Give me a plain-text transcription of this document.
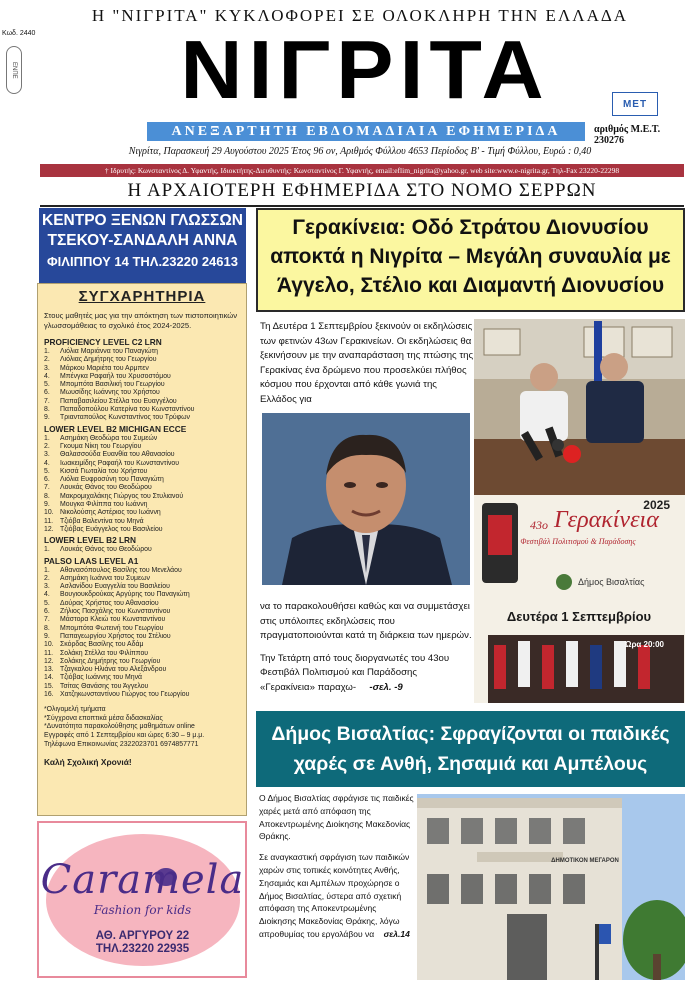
Η "ΝΙΓΡΙΤΑ" ΚΥΚΛΟΦΟΡΕΙ ΣΕ ΟΛΟΚΛΗΡΗ ΤΗΝ ΕΛΛΑΔΑ
Κωδ. 2440
ΕΝΠΕ	ΝΙΓΡΙΤΑ	ΜΕΤ
αριθμός Μ.Ε.Τ. 230276
ΑΝΕΞΑΡΤΗΤΗ ΕΒΔΟΜΑΔΙΑΙΑ ΕΦΗΜΕΡΙΔΑ
Νιγρίτα, Παρασκευή 29 Αυγούστου 2025 Έτος 96 ον, Αριθμός Φύλλου 4653 Περίοδος Β' - Τιμή Φύλλου, Ευρώ : 0,40
† Ιδρυτής: Κωνσταντίνος Δ. Υφαντής, Ιδιοκτήτης-Διευθυντής: Κωνσταντίνος Γ. Υφαντής, email:eflim_nigrita@yahoo.gr, web site:www.e-nigrita.gr, Τηλ-Fax 23220-22298
Η ΑΡΧΑΙΟΤΕΡΗ ΕΦΗΜΕΡΙΔΑ ΣΤΟ ΝΟΜΟ ΣΕΡΡΩΝ
ΚΕΝΤΡΟ ΞΕΝΩΝ ΓΛΩΣΣΩΝ
ΤΣΕΚΟΥ-ΣΑΝΔΑΛΗ ΑΝΝΑ
ΦΙΛΙΠΠΟΥ 14 ΤΗΛ.23220 24613
ΣΥΓΧΑΡΗΤΗΡΙΑ
Στους μαθητές μας για την απόκτηση των πιστοποιητικών γλωσσομάθειας το σχολικό έτος 2024-2025.
PROFICIENCY LEVEL C2 LRN
1. Λιόλια Μαριάννα του Παναγιώτη
2. Λιόλιας Δημήτρης του Γεωργίου
3. Μάρκου Μαριέτα του Αρμπεν
4. Μπένγκα Ραφαήλ του Χρυσοστόμου
5. Μπομπότα Βασιλική του Γεωργίου
6. Μωυσίδης Ιωάννης του Χρήστου
7. Παπαβασιλείου Στέλλα του Ευαγγέλου
8. Παπαδοπούλου Κατερίνα του Κωνσταντίνου
9. Τριανταπούλος Κωνσταντίνος του Τρύφων
LOWER LEVEL B2 MICHIGAN ECCE
1. Ασημάκη Θεοδώρα του Συμεών
2. Γκουμα Νίκη του Γεωργίου
3. Θαλασσούδα Ευανθία του Αθανασίου
4. Ιωακειμίδης Ραφαήλ του Κωνσταντίνου
5. Κισσά Γιωταλία του Χρήστου
6. Λιόλια Ευφροσύνη του Παναγιώτη
7. Λουκάς Θάνος του Θεοδώρου
8. Μακρομιχαλάκης Γιώργος του Στυλιανού
9. Μουγκα Φιλίππα του Ιωάννη
10. Νικολούσης Αστέριος του Ιωάννη
11. Τζιόβα Βαλεντίνα του Μηνά
12. Τζιόβας Ευάγγελος του Βασιλείου
LOWER LEVEL B2 LRN
1. Λουκάς Θάνος του Θεοδώρου
PALSO LAAS LEVEL A1
1. Αθανασόπουλος Βασίλης του Μενελάου
2. Ασημάκη Ιωάννα του Συμεων
3. Ασλανίδου Ευαγγελία του Βασιλείου
4. Βουγιουκδρούκας Αργύρης του Παναγιώτη
5. Δούρας Χρήστος του Αθανασίου
6. Ζήλιος Πασχάλης του Κωνσταντίνου
7. Μάστορα Κλειώ του Κωνσταντίνου
8. Μπομπότα Φωτεινή του Γεωργίου
9. Παπαγεωργίου Χρήστος του Στέλιου
10. Σκόρδας Βασίλης του Αδάμ
11. Σολάκη Στέλλα του Φιλίππου
12. Σολάκης Δημήτρης του Γεωργίου
13. Τζαγκαλου Ηλιάνα του Αλεξάνδρου
14. Τζιόβας Ιωάννης του Μηνά
15. Τσίτας Θανάσης του Άγγελου
16. Χατζηκωνσταντίνου Γιώργος του Γεωργίου
*Ολιγομελή τμήματα
*Σύγχρονα εποπτικά μέσα διδασκαλίας
*Δυνατότητα παρακολούθησης μαθημάτων online
Εγγραφές από 1 Σεπτεμβρίου και ώρες 6:30 – 9 μ.μ.
Τηλέφωνα Επικοινωνίας 2322023701 6974857771
Καλή Σχολική Χρονιά!
Caramela
Fashion for kids
ΑΘ. ΑΡΓΥΡΟΥ 22
ΤΗΛ.23220 22935
Γερακίνεια: Οδό Στράτου Διονυσίου αποκτά η Νιγρίτα – Μεγάλη συναυλία με Άγγελο, Στέλιο και Διαμαντή Διονυσίου
Τη Δευτέρα 1 Σεπτεμβρίου ξεκινούν οι εκδηλώσεις των φετινών 43ων Γερακινείων. Οι εκδηλώσεις θα ξεκινήσουν με την αναπαράσταση της πτώσης της Γερακίνας ένα δρώμενο που προσελκύει πλήθος κόσμου που έρχονται από κάθε γωνιά της Ελλάδος για
2025
43ο Γερακίνεια
Φεστιβάλ Πολιτισμού & Παράδοσης
Δήμος Βισαλτίας
Δευτέρα 1 Σεπτεμβρίου
Ώρα 20:00

να το παρακολουθήσει καθώς και να συμμετάσχει στις υπόλοιπες εκδηλώσεις που πραγματοποιούνται κατά τη διάρκεια των ημερών.

Την Τετάρτη από τους διοργανωτές του 43ου Φεστιβάλ Πολιτισμού και Παράδοσης «Γερακίνεια» παραχω- -σελ. -9

Δήμος Βισαλτίας: Σφραγίζονται οι παιδικές χαρές σε Ανθή, Σησαμιά και Αμπέλους

Ο Δήμος Βισαλτίας σφράγισε τις παιδικές χαρές μετά από απόφαση της Αποκεντρωμένης Διοίκησης Μακεδονίας Θράκης.

Σε αναγκαστική σφράγιση των παιδικών χαρών στις τοπικές κοινότητες Ανθής, Σησαμιάς και Αμπέλων προχώρησε ο Δήμος Βισαλτίας, ύστερα από σχετική απόφαση της Αποκεντρωμένης Διοίκησης Μακεδονίας Θράκης, λόγω απροθυμίας του εργολάβου να σελ.14

ΔΗΜΟΤΙΚΟΝ ΜΕΓΑΡΟΝ
